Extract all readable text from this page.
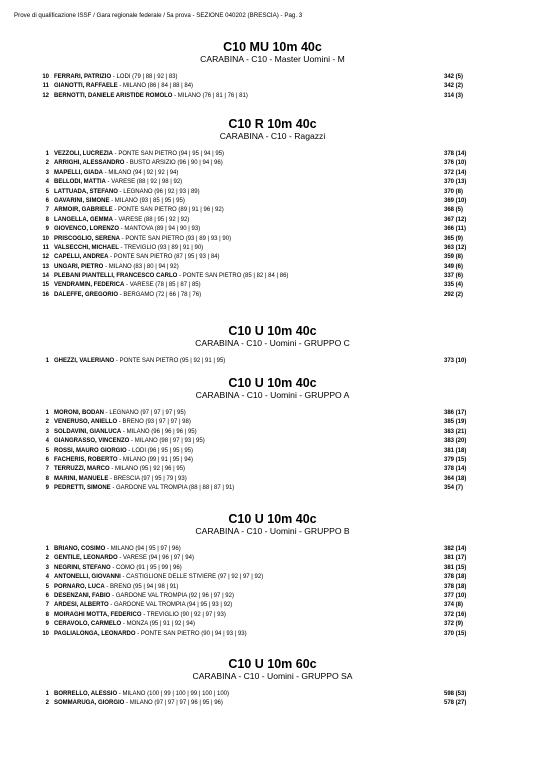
Prove di qualificazione ISSF / Gara regionale federale / 5a prova - SEZIONE 040202 (BRESCIA) - Pag. 3
C10 MU 10m 40c
CARABINA - C10 - Master Uomini - M
10 FERRARI, PATRIZIO - LODI (79 | 88 | 92 | 83)	342 (5)
11 GIANOTTI, RAFFAELE - MILANO (86 | 84 | 88 | 84)	342 (2)
12 BERNOTTI, DANIELE ARISTIDE ROMOLO - MILANO (76 | 81 | 76 | 81)	314 (3)
C10 R 10m 40c
CARABINA - C10 - Ragazzi
1 VEZZOLI, LUCREZIA - PONTE SAN PIETRO (94 | 95 | 94 | 95)	378 (14)
2 ARRIGHI, ALESSANDRO - BUSTO ARSIZIO (96 | 90 | 94 | 96)	376 (10)
3 MAPELLI, GIADA - MILANO (94 | 92 | 92 | 94)	372 (14)
4 BELLODI, MATTIA - VARESE (88 | 92 | 98 | 92)	370 (13)
5 LATTUADA, STEFANO - LEGNANO (96 | 92 | 93 | 89)	370 (8)
6 GAVARINI, SIMONE - MILANO (93 | 85 | 95 | 95)	369 (10)
7 ARMOIR, GABRIELE - PONTE SAN PIETRO (89 | 91 | 96 | 92)	368 (5)
8 LANGELLA, GEMMA - VARESE (88 | 95 | 92 | 92)	367 (12)
9 GIOVENCO, LORENZO - MANTOVA (89 | 94 | 90 | 93)	366 (11)
10 PRISCOGLIO, SERENA - PONTE SAN PIETRO (93 | 89 | 93 | 90)	365 (9)
11 VALSECCHI, MICHAEL - TREVIGLIO (93 | 89 | 91 | 90)	363 (12)
12 CAPELLI, ANDREA - PONTE SAN PIETRO (87 | 95 | 93 | 84)	359 (8)
13 UNGARI, PIETRO - MILANO (83 | 80 | 94 | 92)	349 (6)
14 PLEBANI PIANTELLI, FRANCESCO CARLO - PONTE SAN PIETRO (85 | 82 | 84 | 86)	337 (6)
15 VENDRAMIN, FEDERICA - VARESE (78 | 85 | 87 | 85)	335 (4)
16 DALEFFE, GREGORIO - BERGAMO (72 | 66 | 78 | 76)	292 (2)
C10 U 10m 40c
CARABINA - C10 - Uomini - GRUPPO C
1 GHEZZI, VALERIANO - PONTE SAN PIETRO (95 | 92 | 91 | 95)	373 (10)
C10 U 10m 40c
CARABINA - C10 - Uomini - GRUPPO A
1 MORONI, BODAN - LEGNANO (97 | 97 | 97 | 95)	386 (17)
2 VENERUSO, ANIELLO - BRENO (93 | 97 | 97 | 98)	385 (19)
3 SOLDAVINI, GIANLUCA - MILANO (96 | 96 | 96 | 95)	383 (21)
4 GIANGRASSO, VINCENZO - MILANO (98 | 97 | 93 | 95)	383 (20)
5 ROSSI, MAURO GIORGIO - LODI (96 | 95 | 95 | 95)	381 (18)
6 FACHERIS, ROBERTO - MILANO (99 | 91 | 95 | 94)	379 (15)
7 TERRUZZI, MARCO - MILANO (95 | 92 | 96 | 95)	378 (14)
8 MARINI, MANUELE - BRESCIA (97 | 95 | 79 | 93)	364 (18)
9 PEDRETTI, SIMONE - GARDONE VAL TROMPIA (88 | 88 | 87 | 91)	354 (7)
C10 U 10m 40c
CARABINA - C10 - Uomini - GRUPPO B
1 BRIANO, COSIMO - MILANO (94 | 95 | 97 | 96)	382 (14)
2 GENTILE, LEONARDO - VARESE (94 | 96 | 97 | 94)	381 (17)
3 NEGRINI, STEFANO - COMO (91 | 95 | 99 | 96)	381 (15)
4 ANTONELLI, GIOVANNI - CASTIGLIONE DELLE STIVIERE (97 | 92 | 97 | 92)	378 (18)
5 PORNARO, LUCA - BRENO (95 | 94 | 98 | 91)	378 (18)
6 DESENZANI, FABIO - GARDONE VAL TROMPIA (92 | 96 | 97 | 92)	377 (10)
7 ARDESI, ALBERTO - GARDONE VAL TROMPIA (94 | 95 | 93 | 92)	374 (8)
8 MOIRAGHI MOTTA, FEDERICO - TREVIGLIO (90 | 92 | 97 | 93)	372 (16)
9 CERAVOLO, CARMELO - MONZA (95 | 91 | 92 | 94)	372 (9)
10 PAGLIALONGA, LEONARDO - PONTE SAN PIETRO (90 | 94 | 93 | 93)	370 (15)
C10 U 10m 60c
CARABINA - C10 - Uomini - GRUPPO SA
1 BORRELLO, ALESSIO - MILANO (100 | 99 | 100 | 99 | 100 | 100)	598 (53)
2 SOMMARUGA, GIORGIO - MILANO (97 | 97 | 97 | 96 | 95 | 96)	578 (27)
